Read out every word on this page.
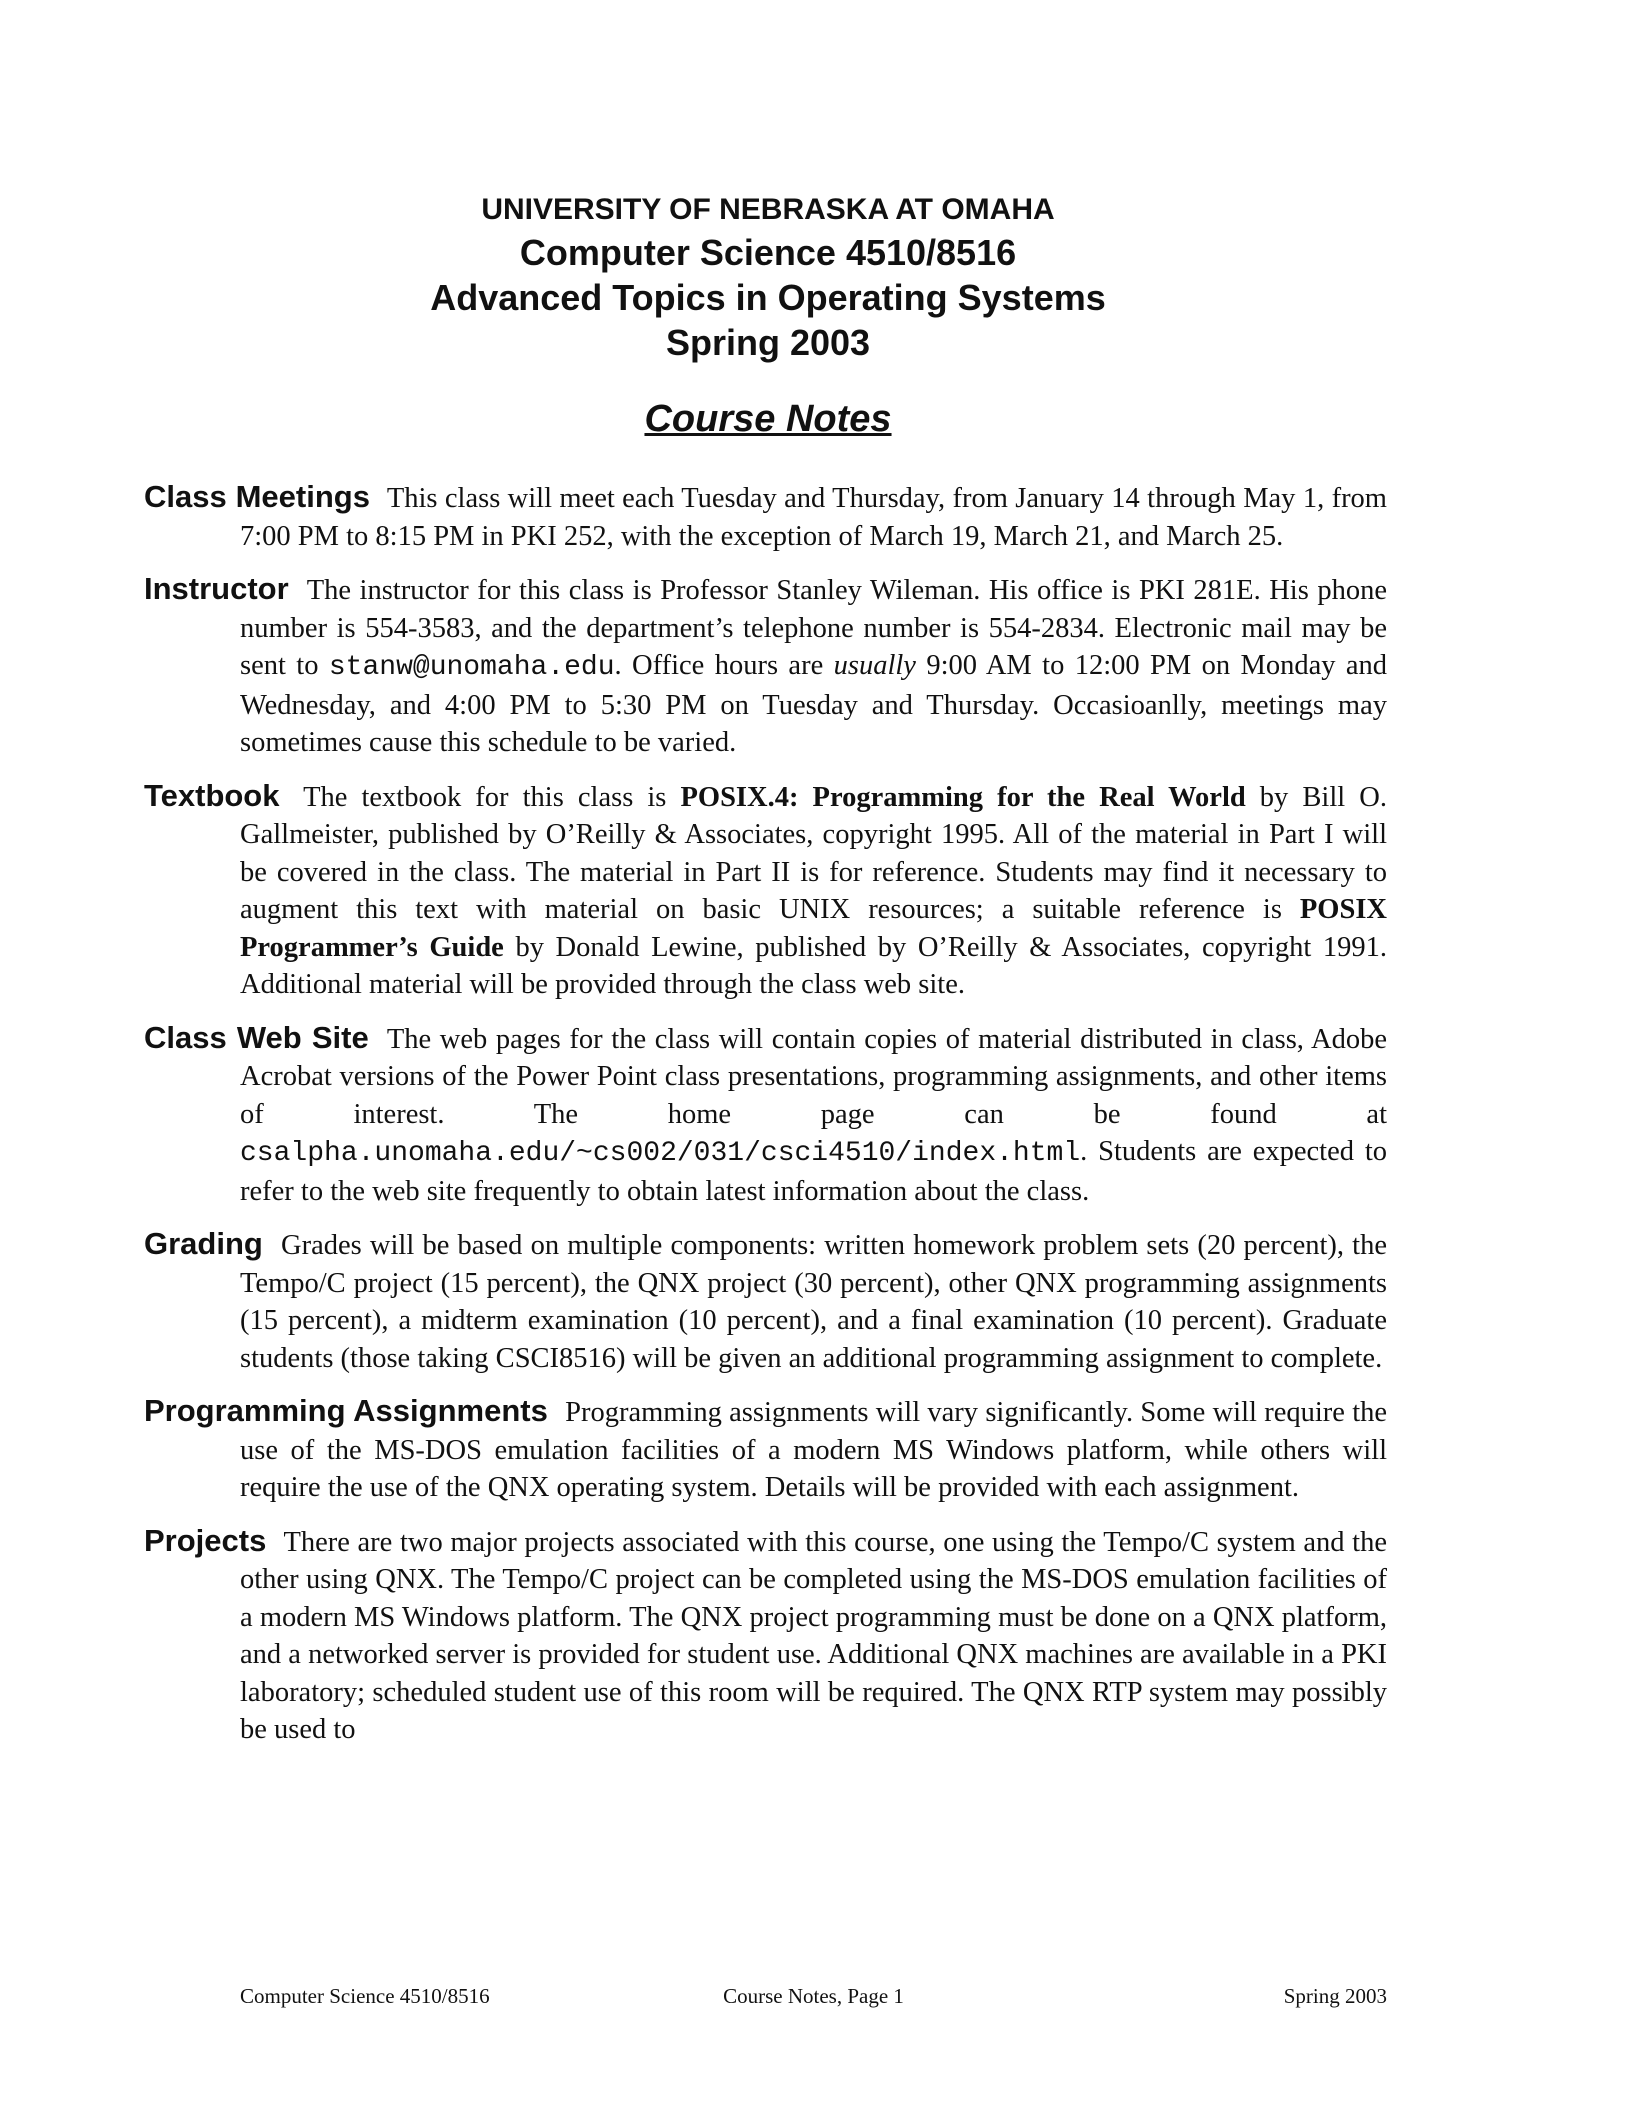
UNIVERSITY OF NEBRASKA AT OMAHA
Computer Science 4510/8516
Advanced Topics in Operating Systems
Spring 2003
Course Notes
Class Meetings This class will meet each Tuesday and Thursday, from January 14 through May 1, from 7:00 PM to 8:15 PM in PKI 252, with the exception of March 19, March 21, and March 25.
Instructor The instructor for this class is Professor Stanley Wileman. His office is PKI 281E. His phone number is 554-3583, and the department’s telephone number is 554-2834. Electronic mail may be sent to stanw@unomaha.edu. Office hours are usually 9:00 AM to 12:00 PM on Monday and Wednesday, and 4:00 PM to 5:30 PM on Tuesday and Thursday. Occasioanlly, meetings may sometimes cause this schedule to be varied.
Textbook The textbook for this class is POSIX.4: Programming for the Real World by Bill O. Gallmeister, published by O’Reilly & Associates, copyright 1995. All of the material in Part I will be covered in the class. The material in Part II is for reference. Students may find it necessary to augment this text with material on basic UNIX resources; a suitable reference is POSIX Programmer’s Guide by Donald Lewine, published by O’Reilly & Associates, copyright 1991. Additional material will be provided through the class web site.
Class Web Site The web pages for the class will contain copies of material distributed in class, Adobe Acrobat versions of the Power Point class presentations, programming assignments, and other items of interest. The home page can be found at csalpha.unomaha.edu/~cs002/031/csci4510/index.html. Students are expected to refer to the web site frequently to obtain latest information about the class.
Grading Grades will be based on multiple components: written homework problem sets (20 percent), the Tempo/C project (15 percent), the QNX project (30 percent), other QNX programming assignments (15 percent), a midterm examination (10 percent), and a final examination (10 percent). Graduate students (those taking CSCI8516) will be given an additional programming assignment to complete.
Programming Assignments Programming assignments will vary significantly. Some will require the use of the MS-DOS emulation facilities of a modern MS Windows platform, while others will require the use of the QNX operating system. Details will be provided with each assignment.
Projects There are two major projects associated with this course, one using the Tempo/C system and the other using QNX. The Tempo/C project can be completed using the MS-DOS emulation facilities of a modern MS Windows platform. The QNX project programming must be done on a QNX platform, and a networked server is provided for student use. Additional QNX machines are available in a PKI laboratory; scheduled student use of this room will be required. The QNX RTP system may possibly be used to
Computer Science 4510/8516	Course Notes, Page 1	Spring 2003
